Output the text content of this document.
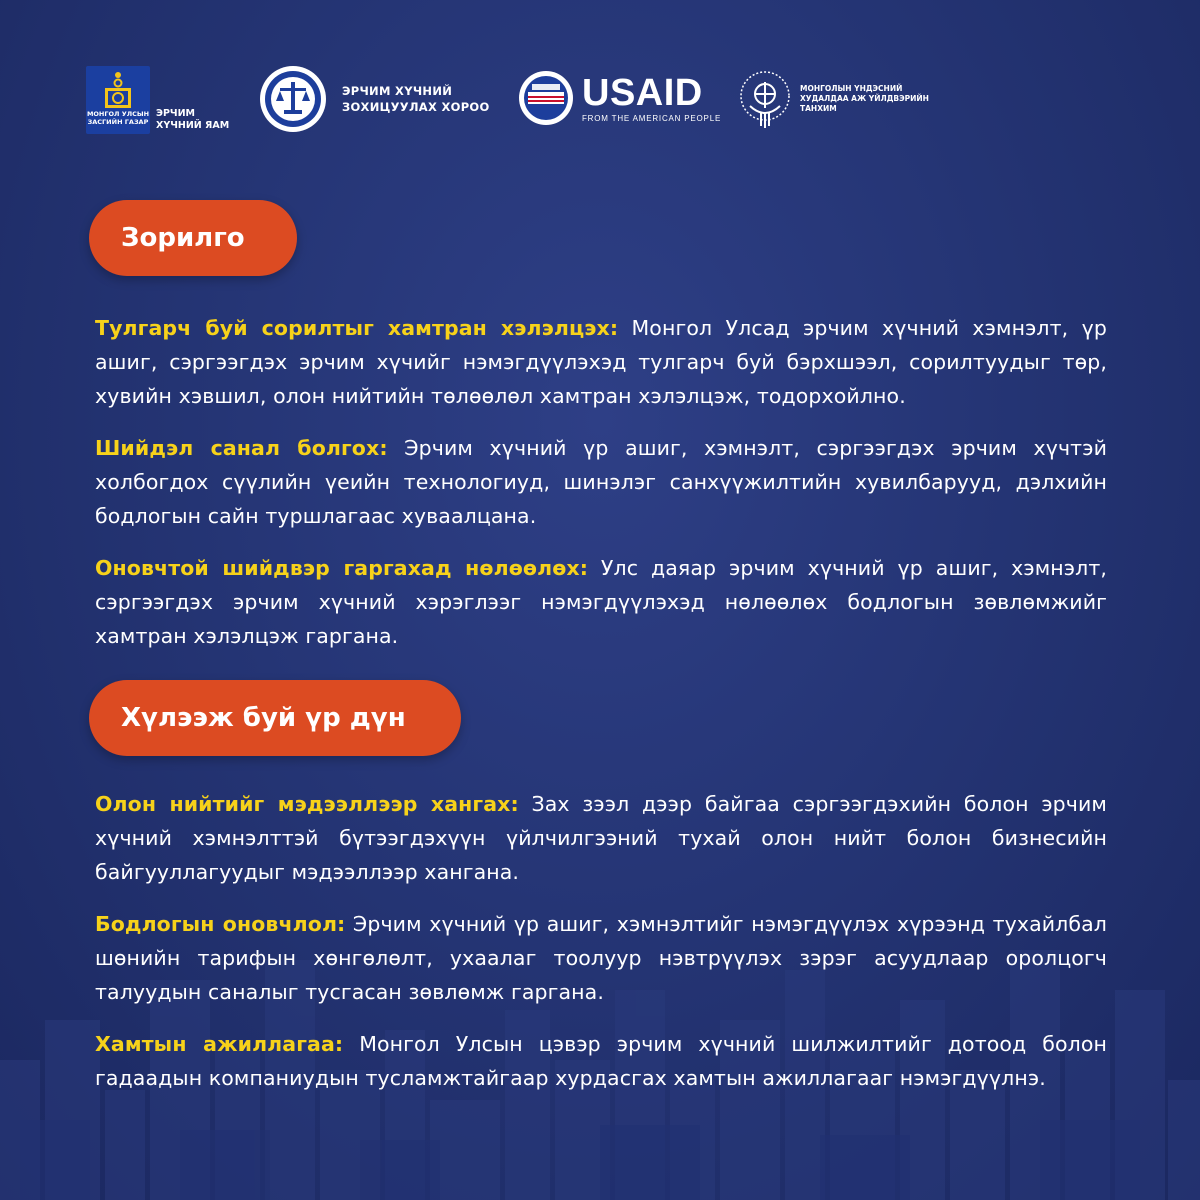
МОНГОЛ УЛСЫН ЗАСГИЙН ГАЗАР
ЭРЧИМ
ХҮЧНИЙ ЯАМ
ЭРЧИМ ХҮЧНИЙ
ЗОХИЦУУЛАХ ХОРОО USAID
FROM THE AMERICAN PEOPLE
МОНГОЛЫН ҮНДЭСНИЙ
ХУДАЛДАА АЖ ҮЙЛДВЭРИЙН
ТАНХИМ
Зорилго

Тулгарч буй сорилтыг хамтран хэлэлцэх: Монгол Улсад эрчим хүчний хэмнэлт, үр ашиг, сэргээгдэх эрчим хүчийг нэмэгдүүлэхэд тулгарч буй бэрхшээл, сорилтуудыг төр, хувийн хэвшил, олон нийтийн төлөөлөл хамтран хэлэлцэж, тодорхойлно.

Шийдэл санал болгох: Эрчим хүчний үр ашиг, хэмнэлт, сэргээгдэх эрчим хүчтэй холбогдох сүүлийн үеийн технологиуд, шинэлэг санхүүжилтийн хувилбарууд, дэлхийн бодлогын сайн туршлагаас хуваалцана.

Оновчтой шийдвэр гаргахад нөлөөлөх: Улс даяар эрчим хүчний үр ашиг, хэмнэлт, сэргээгдэх эрчим хүчний хэрэглээг нэмэгдүүлэхэд нөлөөлөх бодлогын зөвлөмжийг хамтран хэлэлцэж гаргана.

Хүлээж буй үр дүн

Олон нийтийг мэдээллээр хангах: Зах зээл дээр байгаа сэргээгдэхийн болон эрчим хүчний хэмнэлттэй бүтээгдэхүүн үйлчилгээний тухай олон нийт болон бизнесийн байгууллагуудыг мэдээллээр хангана.

Бодлогын оновчлол: Эрчим хүчний үр ашиг, хэмнэлтийг нэмэгдүүлэх хүрээнд тухайлбал шөнийн тарифын хөнгөлөлт, ухаалаг тоолуур нэвтрүүлэх зэрэг асуудлаар оролцогч талуудын саналыг тусгасан зөвлөмж гаргана.

Хамтын ажиллагаа: Монгол Улсын цэвэр эрчим хүчний шилжилтийг дотоод болон гадаадын компаниудын тусламжтайгаар хурдасгах хамтын ажиллагааг нэмэгдүүлнэ.
